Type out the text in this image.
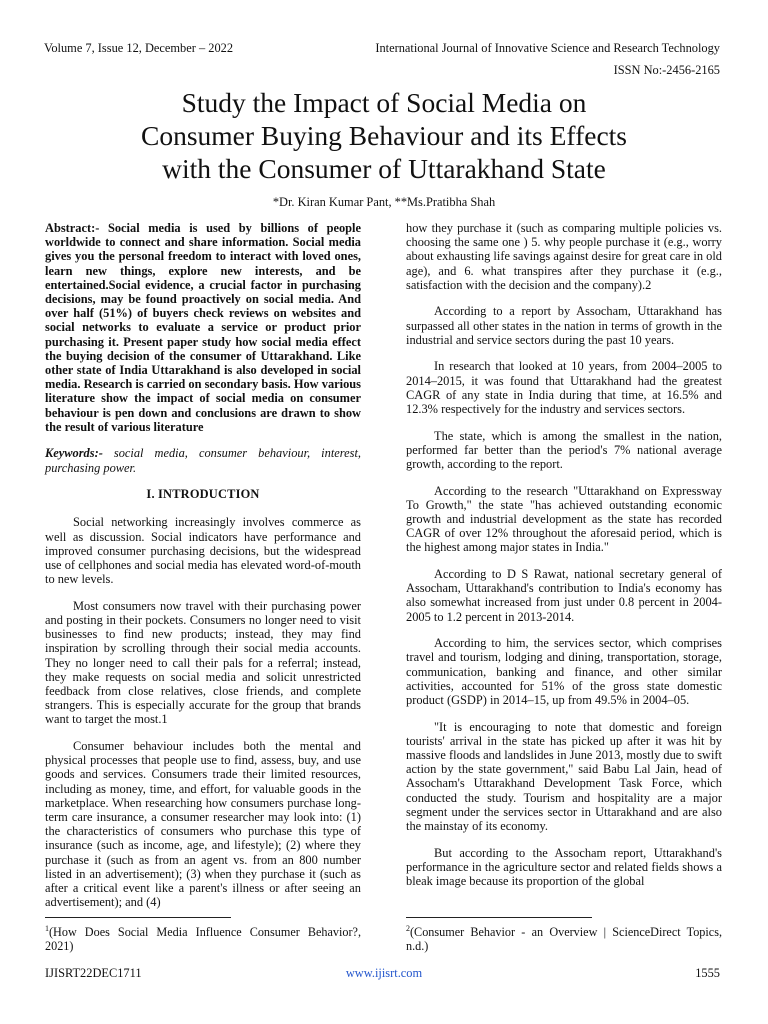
Volume 7, Issue 12, December – 2022	International Journal of Innovative Science and Research Technology
ISSN No:-2456-2165
Study the Impact of Social Media on
Consumer Buying Behaviour and its Effects
with the Consumer of Uttarakhand State
*Dr. Kiran Kumar Pant, **Ms.Pratibha Shah

Abstract:- Social media is used by billions of people worldwide to connect and share information. Social media gives you the personal freedom to interact with loved ones, learn new things, explore new interests, and be entertained.Social evidence, a crucial factor in purchasing decisions, may be found proactively on social media. And over half (51%) of buyers check reviews on websites and social networks to evaluate a service or product prior purchasing it. Present paper study how social media effect the buying decision of the consumer of Uttarakhand. Like other state of India Uttarakhand is also developed in social media. Research is carried on secondary basis. How various literature show the impact of social media on consumer behaviour is pen down and conclusions are drawn to show the result of various literature

Keywords:- social media, consumer behaviour, interest, purchasing power.

I. INTRODUCTION

Social networking increasingly involves commerce as well as discussion. Social indicators have performance and improved consumer purchasing decisions, but the widespread use of cellphones and social media has elevated word-of-mouth to new levels.

Most consumers now travel with their purchasing power and posting in their pockets. Consumers no longer need to visit businesses to find new products; instead, they may find inspiration by scrolling through their social media accounts. They no longer need to call their pals for a referral; instead, they make requests on social media and solicit unrestricted feedback from close relatives, close friends, and complete strangers. This is especially accurate for the group that brands want to target the most.1

Consumer behaviour includes both the mental and physical processes that people use to find, assess, buy, and use goods and services. Consumers trade their limited resources, including as money, time, and effort, for valuable goods in the marketplace. When researching how consumers purchase long-term care insurance, a consumer researcher may look into: (1) the characteristics of consumers who purchase this type of insurance (such as income, age, and lifestyle); (2) where they purchase it (such as from an agent vs. from an 800 number listed in an advertisement); (3) when they purchase it (such as after a critical event like a parent's illness or after seeing an advertisement); and (4)

how they purchase it (such as comparing multiple policies vs. choosing the same one ) 5. why people purchase it (e.g., worry about exhausting life savings against desire for great care in old age), and 6. what transpires after they purchase it (e.g., satisfaction with the decision and the company).2

According to a report by Assocham, Uttarakhand has surpassed all other states in the nation in terms of growth in the industrial and service sectors during the past 10 years.

In research that looked at 10 years, from 2004–2005 to 2014–2015, it was found that Uttarakhand had the greatest CAGR of any state in India during that time, at 16.5% and 12.3% respectively for the industry and services sectors.

The state, which is among the smallest in the nation, performed far better than the period's 7% national average growth, according to the report.

According to the research "Uttarakhand on Expressway To Growth," the state "has achieved outstanding economic growth and industrial development as the state has recorded CAGR of over 12% throughout the aforesaid period, which is the highest among major states in India."

According to D S Rawat, national secretary general of Assocham, Uttarakhand's contribution to India's economy has also somewhat increased from just under 0.8 percent in 2004-2005 to 1.2 percent in 2013-2014.

According to him, the services sector, which comprises travel and tourism, lodging and dining, transportation, storage, communication, banking and finance, and other similar activities, accounted for 51% of the gross state domestic product (GSDP) in 2014–15, up from 49.5% in 2004–05.

"It is encouraging to note that domestic and foreign tourists' arrival in the state has picked up after it was hit by massive floods and landslides in June 2013, mostly due to swift action by the state government," said Babu Lal Jain, head of Assocham's Uttarakhand Development Task Force, which conducted the study. Tourism and hospitality are a major segment under the services sector in Uttarakhand and are also the mainstay of its economy.

But according to the Assocham report, Uttarakhand's performance in the agriculture sector and related fields shows a bleak image because its proportion of the global

$^1$(How Does Social Media Influence Consumer Behavior?, 2021)
$^2$(Consumer Behavior - an Overview | ScienceDirect Topics, n.d.)
IJISRT22DEC1711	www.ijisrt.com	1555
